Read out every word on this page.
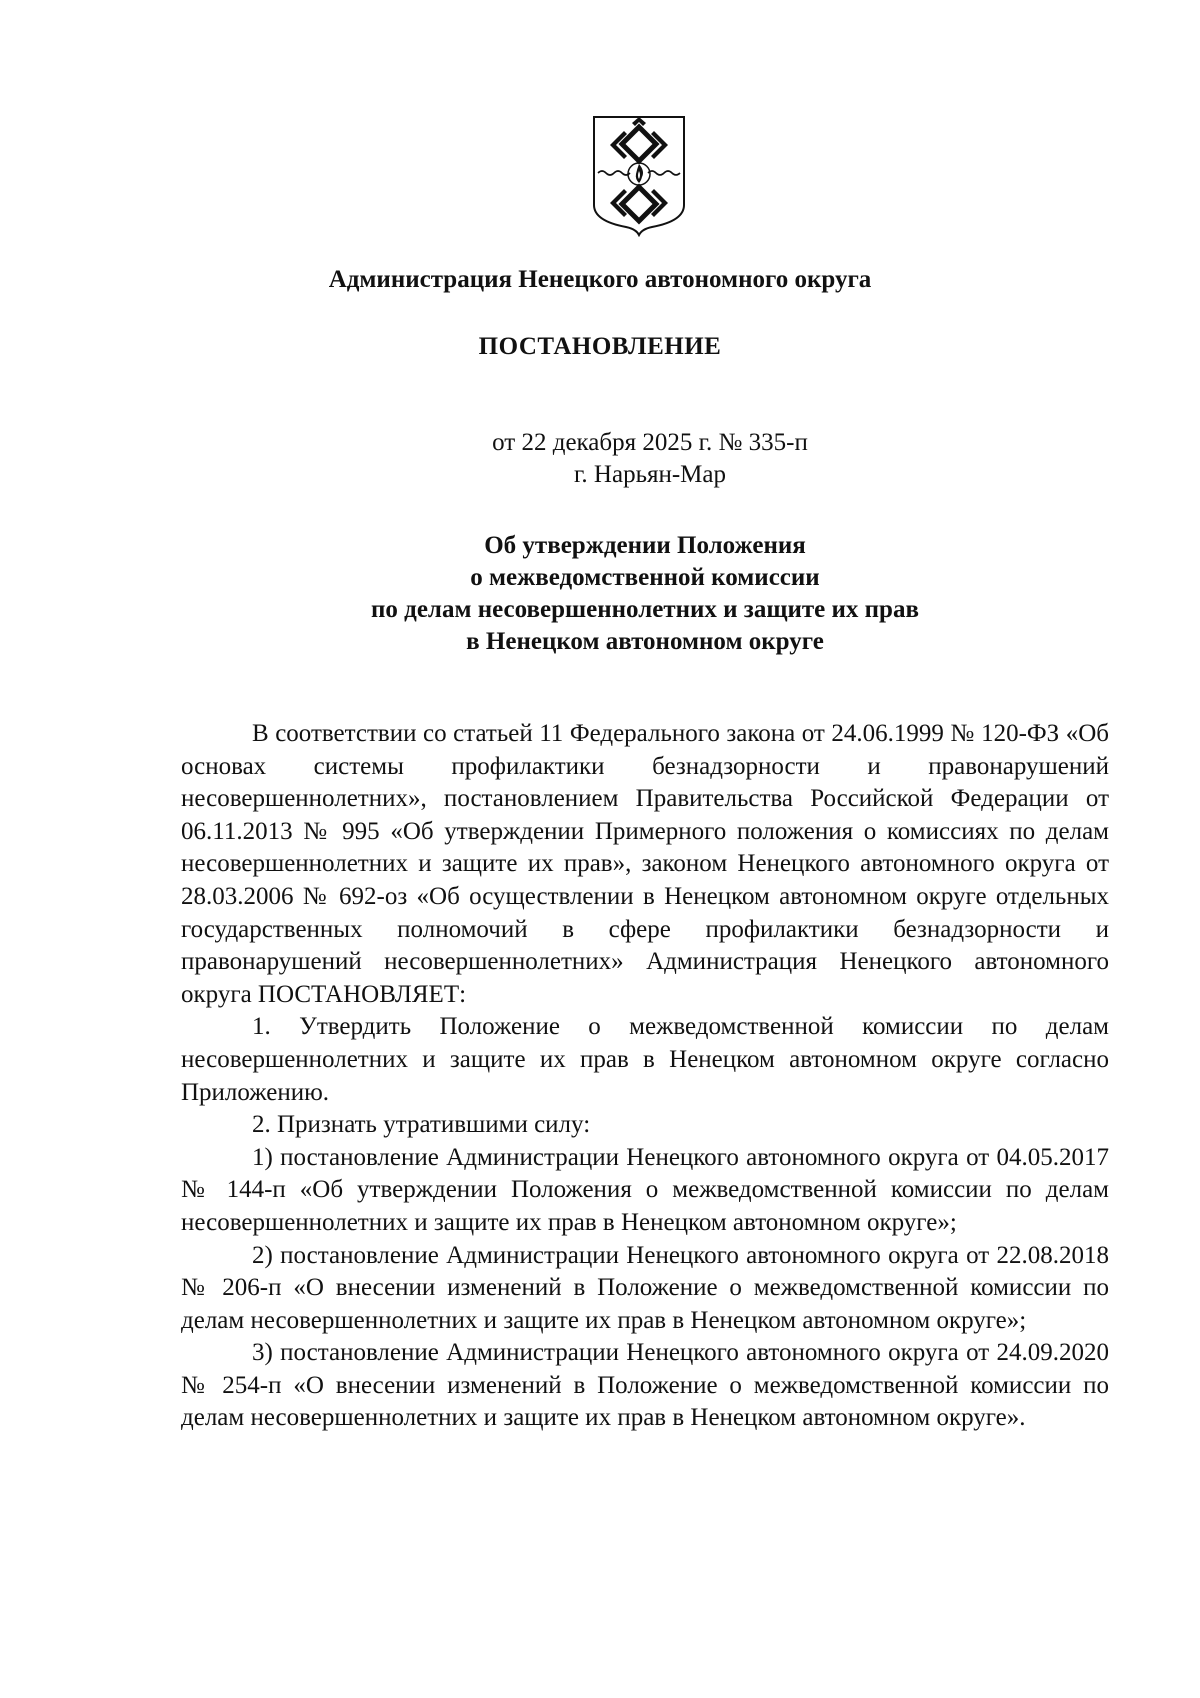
Администрация Ненецкого автономного округа
ПОСТАНОВЛЕНИЕ
от 22 декабря 2025 г. № 335-п
г. Нарьян-Мар
Об утверждении Положения
о межведомственной комиссии
по делам несовершеннолетних и защите их прав
в Ненецком автономном округе

В соответствии со статьей 11 Федерального закона от 24.06.1999 № 120-ФЗ «Об основах системы профилактики безнадзорности и правонарушений несовершеннолетних», постановлением Правительства Российской Федерации от 06.11.2013 № 995 «Об утверждении Примерного положения о комиссиях по делам несовершеннолетних и защите их прав», законом Ненецкого автономного округа от 28.03.2006 № 692-оз «Об осуществлении в Ненецком автономном округе отдельных государственных полномочий в сфере профилактики безнадзорности и правонарушений несовершеннолетних» Администрация Ненецкого автономного округа ПОСТАНОВЛЯЕТ:

1. Утвердить Положение о межведомственной комиссии по делам несовершеннолетних и защите их прав в Ненецком автономном округе согласно Приложению.

2. Признать утратившими силу:

1) постановление Администрации Ненецкого автономного округа от 04.05.2017 № 144-п «Об утверждении Положения о межведомственной комиссии по делам несовершеннолетних и защите их прав в Ненецком автономном округе»;

2) постановление Администрации Ненецкого автономного округа от 22.08.2018 № 206-п «О внесении изменений в Положение о межведомственной комиссии по делам несовершеннолетних и защите их прав в Ненецком автономном округе»;

3) постановление Администрации Ненецкого автономного округа от 24.09.2020 № 254-п «О внесении изменений в Положение о межведомственной комиссии по делам несовершеннолетних и защите их прав в Ненецком автономном округе».
